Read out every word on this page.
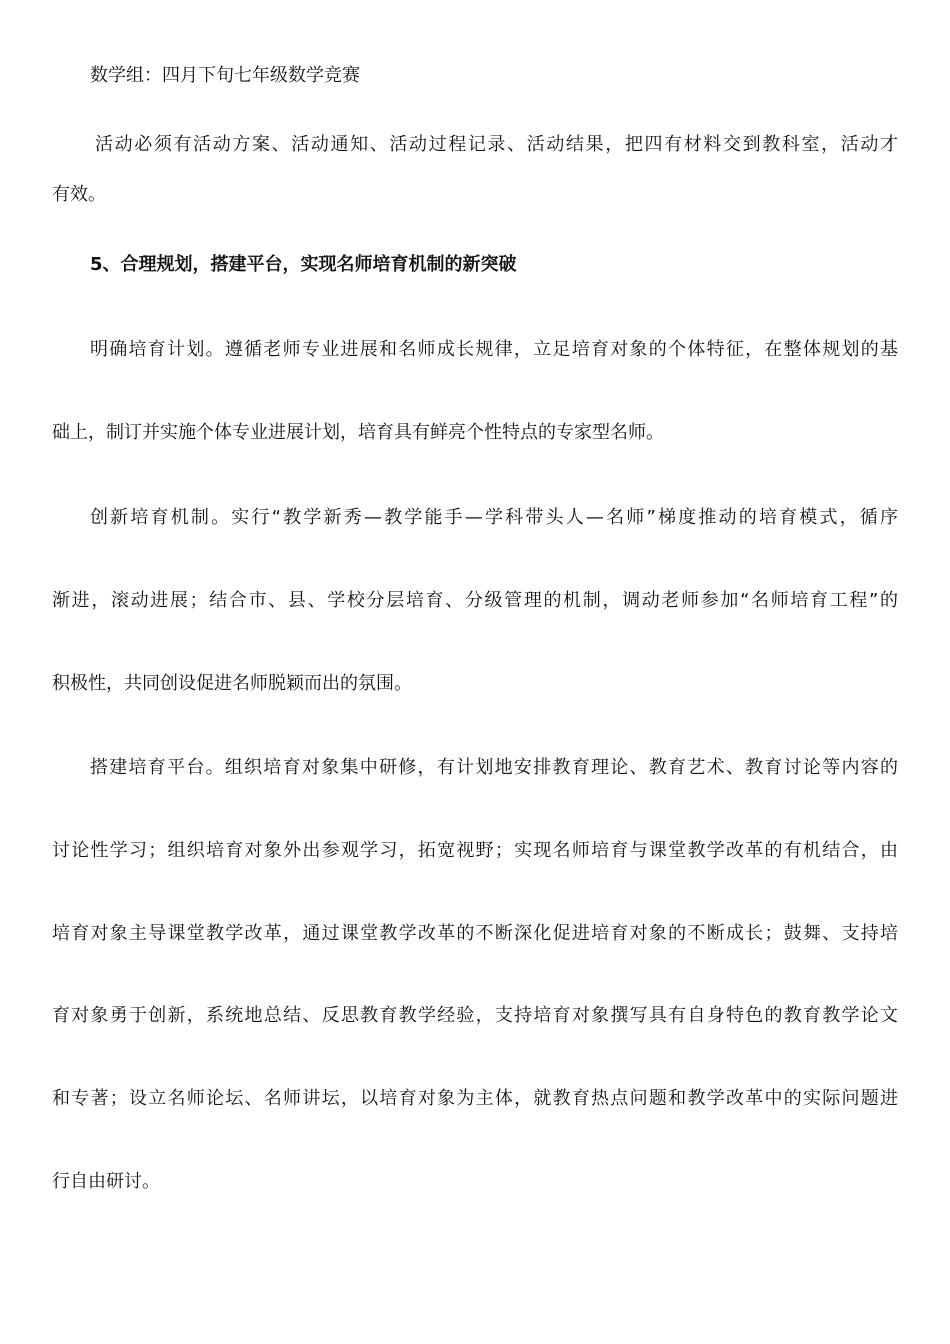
数学组：四月下旬七年级数学竞赛
活动必须有活动方案、活动通知、活动过程记录、活动结果，把四有材料交到教科室，活动才
有效。
5、合理规划，搭建平台，实现名师培育机制的新突破
明确培育计划。遵循老师专业进展和名师成长规律，立足培育对象的个体特征，在整体规划的基
础上，制订并实施个体专业进展计划，培育具有鲜亮个性特点的专家型名师。
创新培育机制。实行“教学新秀—教学能手—学科带头人—名师”梯度推动的培育模式，循序
渐进，滚动进展；结合市、县、学校分层培育、分级管理的机制，调动老师参加“名师培育工程”的
积极性，共同创设促进名师脱颖而出的氛围。
搭建培育平台。组织培育对象集中研修，有计划地安排教育理论、教育艺术、教育讨论等内容的
讨论性学习；组织培育对象外出参观学习，拓宽视野；实现名师培育与课堂教学改革的有机结合，由
培育对象主导课堂教学改革，通过课堂教学改革的不断深化促进培育对象的不断成长；鼓舞、支持培
育对象勇于创新，系统地总结、反思教育教学经验，支持培育对象撰写具有自身特色的教育教学论文
和专著；设立名师论坛、名师讲坛，以培育对象为主体，就教育热点问题和教学改革中的实际问题进
行自由研讨。
